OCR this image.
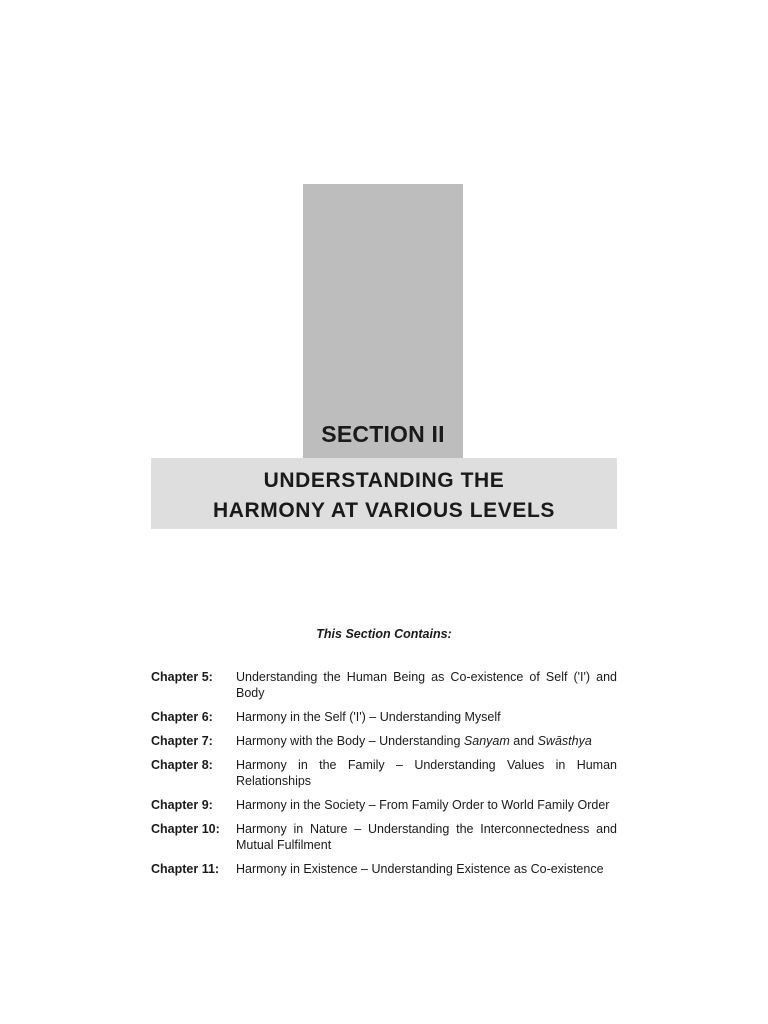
SECTION II
UNDERSTANDING THE
HARMONY AT VARIOUS LEVELS
This Section Contains:
Chapter 5:	Understanding the Human Being as Co-existence of Self ('I') and Body
Chapter 6:	Harmony in the Self ('I') – Understanding Myself
Chapter 7:	Harmony with the Body – Understanding Sanyam and Swāsthya
Chapter 8:	Harmony in the Family – Understanding Values in Human Relationships
Chapter 9:	Harmony in the Society – From Family Order to World Family Order
Chapter 10:	Harmony in Nature – Understanding the Interconnectedness and Mutual Fulfilment
Chapter 11:	Harmony in Existence – Understanding Existence as Co-existence
